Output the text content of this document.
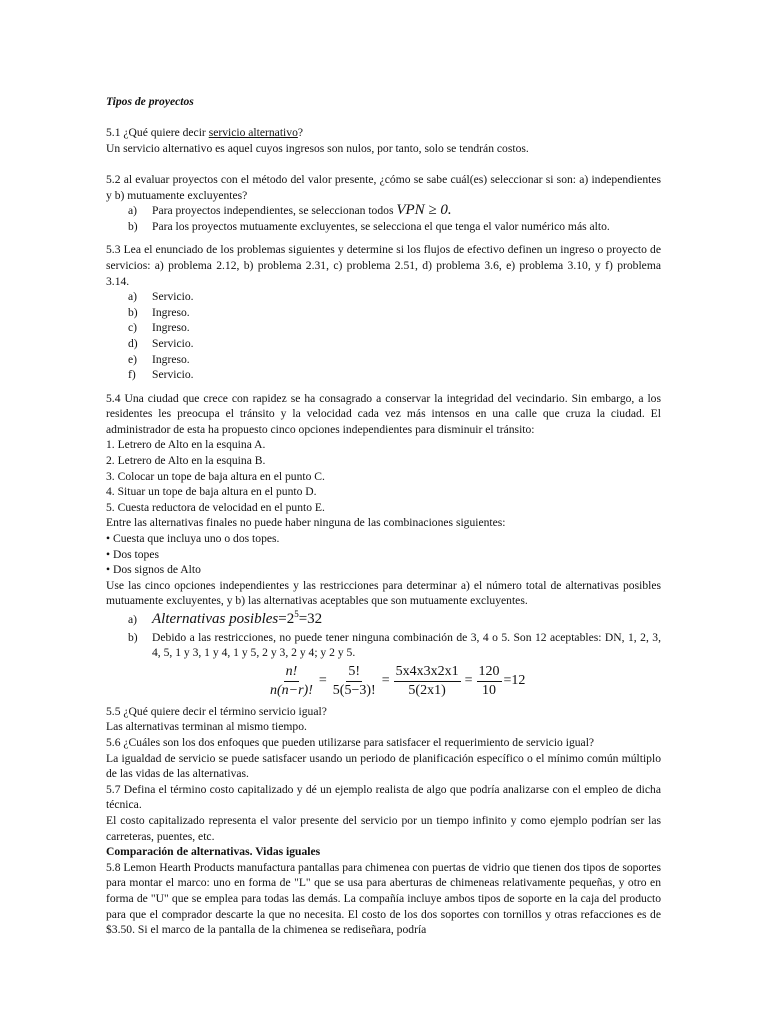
Tipos de proyectos

5.1 ¿Qué quiere decir servicio alternativo?

Un servicio alternativo es aquel cuyos ingresos son nulos, por tanto, solo se tendrán costos.

5.2 al evaluar proyectos con el método del valor presente, ¿cómo se sabe cuál(es) seleccionar si son: a) independientes y b) mutuamente excluyentes?

a)	Para proyectos independientes, se seleccionan todos VPN ≥ 0.
b)	Para los proyectos mutuamente excluyentes, se selecciona el que tenga el valor numérico más alto.

5.3 Lea el enunciado de los problemas siguientes y determine si los flujos de efectivo definen un ingreso o proyecto de servicios: a) problema 2.12, b) problema 2.31, c) problema 2.51, d) problema 3.6, e) problema 3.10, y f) problema 3.14.

a)	Servicio.
b)	Ingreso.
c)	Ingreso.
d)	Servicio.
e)	Ingreso.
f)	Servicio.

5.4 Una ciudad que crece con rapidez se ha consagrado a conservar la integridad del vecindario. Sin embargo, a los residentes les preocupa el tránsito y la velocidad cada vez más intensos en una calle que cruza la ciudad. El administrador de esta ha propuesto cinco opciones independientes para disminuir el tránsito:

1. Letrero de Alto en la esquina A.

2. Letrero de Alto en la esquina B.

3. Colocar un tope de baja altura en el punto C.

4. Situar un tope de baja altura en el punto D.

5. Cuesta reductora de velocidad en el punto E.

Entre las alternativas finales no puede haber ninguna de las combinaciones siguientes:

• Cuesta que incluya uno o dos topes.

• Dos topes

• Dos signos de Alto

Use las cinco opciones independientes y las restricciones para determinar a) el número total de alternativas posibles mutuamente excluyentes, y b) las alternativas aceptables que son mutuamente excluyentes.

a) Alternativas $posibles=2^5=32$
b)	Debido a las restricciones, no puede tener ninguna combinación de 3, 4 o 5. Son 12 aceptables: DN, 1, 2, 3, 4, 5, 1 y 3, 1 y 4, 1 y 5, 2 y 3, 2 y 4; y 2 y 5.
$\frac{n!}{n(n-r)!} = \frac{5!}{5(5-3)!} = \frac{5x4x3x2x1}{5(2x1)} = \frac{120}{10} =12$

5.5 ¿Qué quiere decir el término servicio igual?

Las alternativas terminan al mismo tiempo.

5.6 ¿Cuáles son los dos enfoques que pueden utilizarse para satisfacer el requerimiento de servicio igual?

La igualdad de servicio se puede satisfacer usando un periodo de planificación específico o el mínimo común múltiplo de las vidas de las alternativas.

5.7 Defina el término costo capitalizado y dé un ejemplo realista de algo que podría analizarse con el empleo de dicha técnica.

El costo capitalizado representa el valor presente del servicio por un tiempo infinito y como ejemplo podrían ser las carreteras, puentes, etc.

Comparación de alternativas. Vidas iguales

5.8 Lemon Hearth Products manufactura pantallas para chimenea con puertas de vidrio que tienen dos tipos de soportes para montar el marco: uno en forma de "L" que se usa para aberturas de chimeneas relativamente pequeñas, y otro en forma de "U" que se emplea para todas las demás. La compañía incluye ambos tipos de soporte en la caja del producto para que el comprador descarte la que no necesita. El costo de los dos soportes con tornillos y otras refacciones es de $3.50. Si el marco de la pantalla de la chimenea se rediseñara, podría
